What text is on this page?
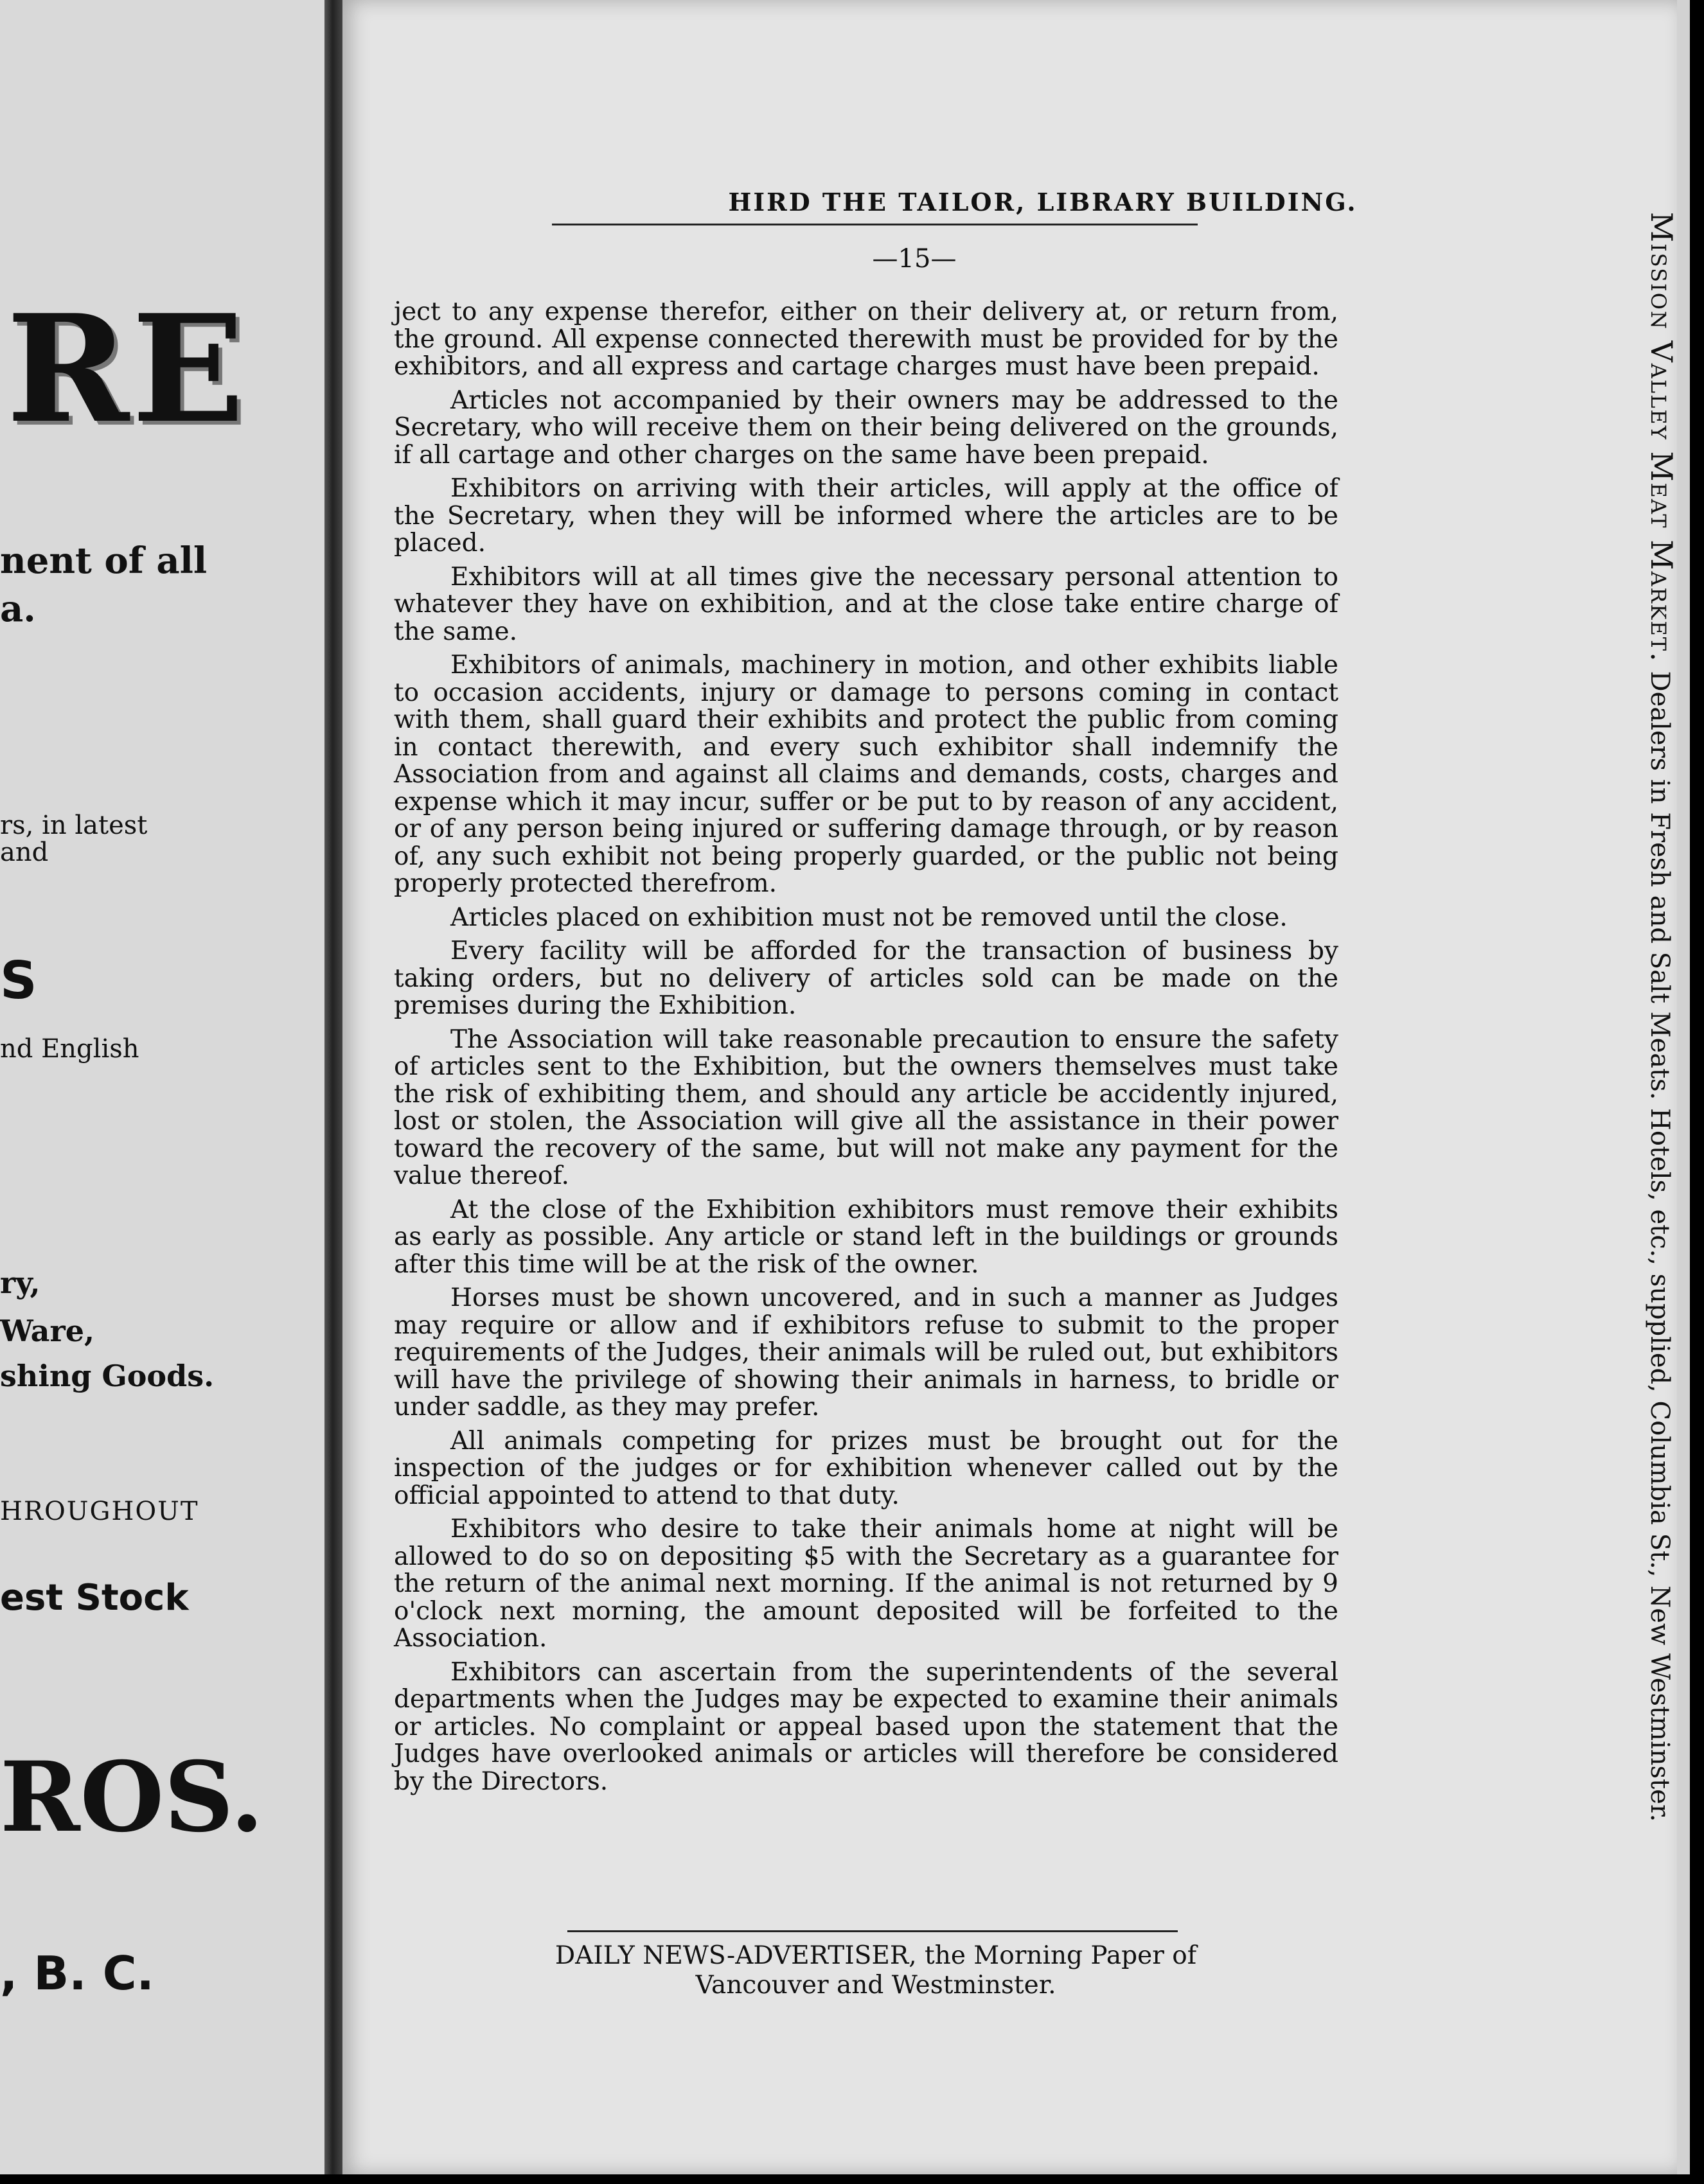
RE
nent of all
a.
rs, in latest
and
S
nd English
ry,
Ware,
shing Goods.
HROUGHOUT
est Stock
ROS.
, B. C.
HIRD THE TAILOR, LIBRARY BUILDING.
—15—

ject to any expense therefor, either on their delivery at, or return from, the ground. All expense connected therewith must be provided for by the exhibitors, and all express and cartage charges must have been prepaid.

Articles not accompanied by their owners may be addressed to the Secretary, who will receive them on their being delivered on the grounds, if all cartage and other charges on the same have been prepaid.

Exhibitors on arriving with their articles, will apply at the office of the Secretary, when they will be informed where the articles are to be placed.

Exhibitors will at all times give the necessary personal attention to whatever they have on exhibition, and at the close take entire charge of the same.

Exhibitors of animals, machinery in motion, and other exhibits liable to occasion accidents, injury or damage to persons coming in contact with them, shall guard their exhibits and protect the public from coming in contact therewith, and every such exhibitor shall indemnify the Association from and against all claims and demands, costs, charges and expense which it may incur, suffer or be put to by reason of any accident, or of any person being injured or suffering damage through, or by reason of, any such exhibit not being properly guarded, or the public not being properly protected therefrom.

Articles placed on exhibition must not be removed until the close.

Every facility will be afforded for the transaction of business by taking orders, but no delivery of articles sold can be made on the premises during the Exhibition.

The Association will take reasonable precaution to ensure the safety of articles sent to the Exhibition, but the owners themselves must take the risk of exhibiting them, and should any article be accidently injured, lost or stolen, the Association will give all the assistance in their power toward the recovery of the same, but will not make any payment for the value thereof.

At the close of the Exhibition exhibitors must remove their exhibits as early as possible. Any article or stand left in the buildings or grounds after this time will be at the risk of the owner.

Horses must be shown uncovered, and in such a manner as Judges may require or allow and if exhibitors refuse to submit to the proper requirements of the Judges, their animals will be ruled out, but exhibitors will have the privilege of showing their animals in harness, to bridle or under saddle, as they may prefer.

All animals competing for prizes must be brought out for the inspection of the judges or for exhibition whenever called out by the official appointed to attend to that duty.

Exhibitors who desire to take their animals home at night will be allowed to do so on depositing $5 with the Secretary as a guarantee for the return of the animal next morning. If the animal is not returned by 9 o'clock next morning, the amount deposited will be forfeited to the Association.

Exhibitors can ascertain from the superintendents of the several departments when the Judges may be expected to examine their animals or articles. No complaint or appeal based upon the statement that the Judges have overlooked animals or articles will therefore be considered by the Directors.

DAILY NEWS-ADVERTISER, the Morning Paper of
Vancouver and Westminster.
Mission Valley Meat Market. Dealers in Fresh and Salt Meats. Hotels, etc., supplied, Columbia St., New Westminster.
